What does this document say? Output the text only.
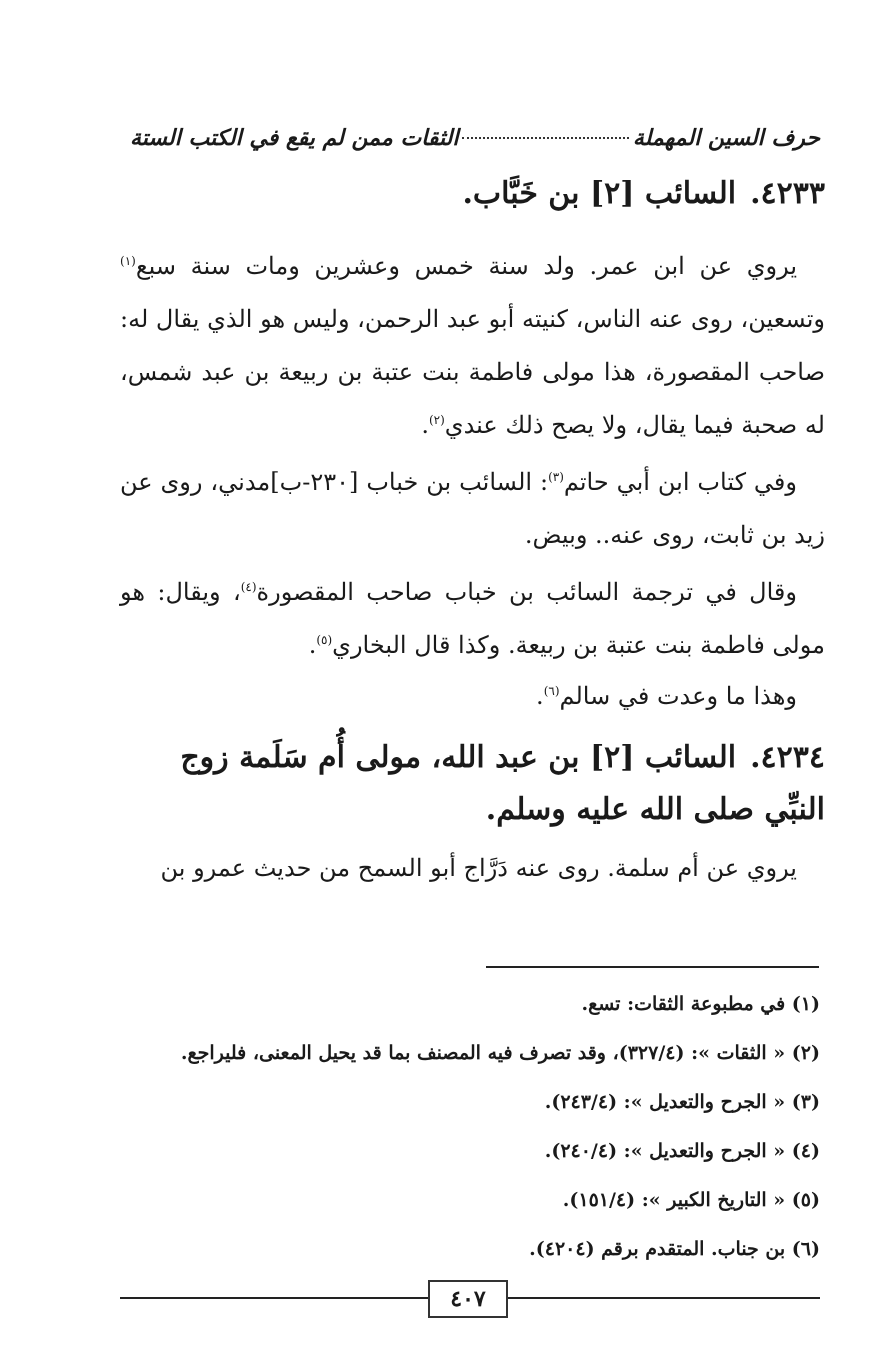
حرف السين المهملة
الثقات ممن لم يقع في الكتب الستة
٤٢٣٣.السائب [٢] بن خَبَّاب.
يروي عن ابن عمر. ولد سنة خمس وعشرين ومات سنة سبع$^{(١)}$ وتسعين، روى عنه الناس، كنيته أبو عبد الرحمن، وليس هو الذي يقال له: صاحب المقصورة، هذا مولى فاطمة بنت عتبة بن ربيعة بن عبد شمس، له صحبة فيما يقال، ولا يصح ذلك عندي$^{(٢)}$.
وفي كتاب ابن أبي حاتم$^{(٣)}$: السائب بن خباب [٢٣٠-ب]مدني، روى عن زيد بن ثابت، روى عنه.. وبيض.
وقال في ترجمة السائب بن خباب صاحب المقصورة$^{(٤)}$، ويقال: هو مولى فاطمة بنت عتبة بن ربيعة. وكذا قال البخاري$^{(٥)}$.
وهذا ما وعدت في سالم$^{(٦)}$.
٤٢٣٤.السائب [٢] بن عبد الله، مولى أُم سَلَمة زوج النبِّي صلى الله عليه وسلم.
يروي عن أم سلمة. روى عنه دَرَّاج أبو السمح من حديث عمرو بن
(١) في مطبوعة الثقات: تسع.
(٢) « الثقات »: (٣٢٧/٤)، وقد تصرف فيه المصنف بما قد يحيل المعنى، فليراجع.
(٣) « الجرح والتعديل »: (٢٤٣/٤).
(٤) « الجرح والتعديل »: (٢٤٠/٤).
(٥) « التاريخ الكبير »: (١٥١/٤).
(٦) بن جناب. المتقدم برقم (٤٢٠٤).
٤٠٧
